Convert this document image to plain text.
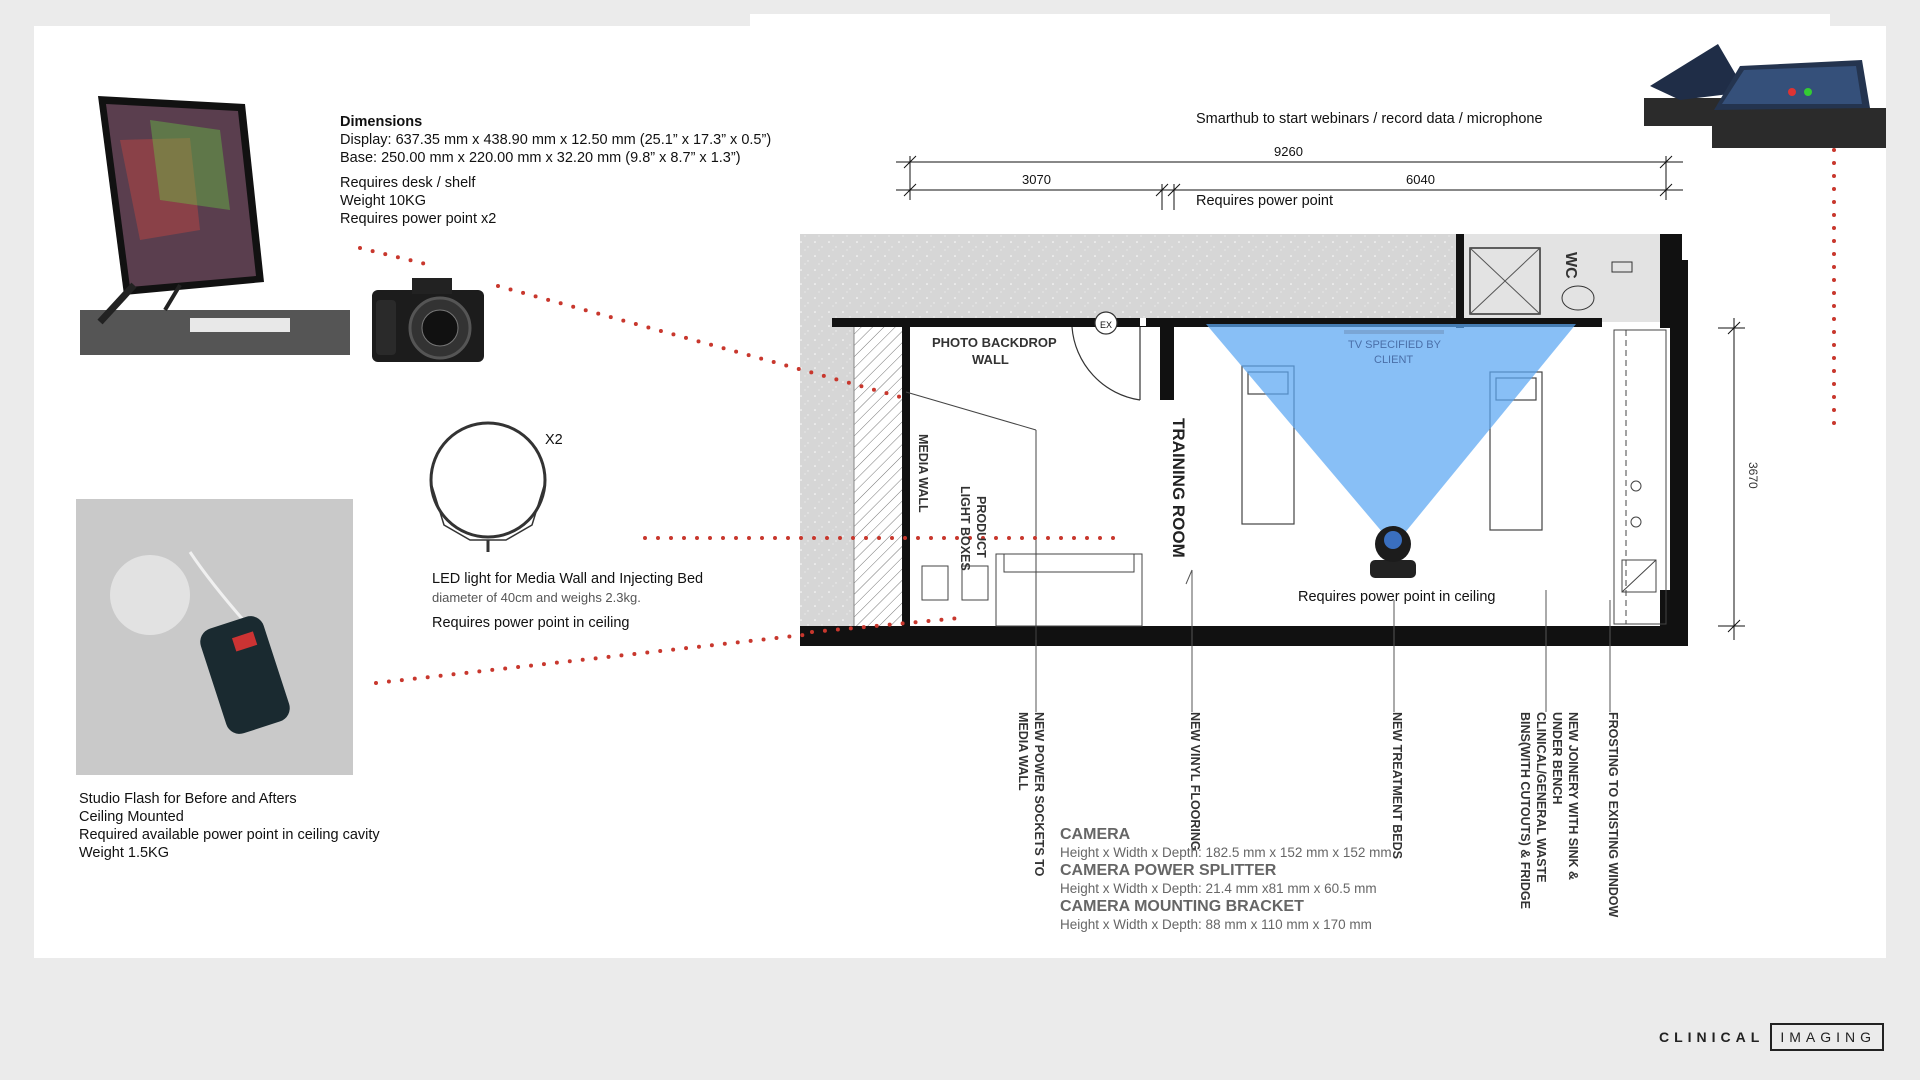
Dimensions
Display: 637.35 mm x 438.90 mm x 12.50 mm (25.1” x 17.3” x 0.5”)
Base: 250.00 mm x 220.00 mm x 32.20 mm (9.8” x 8.7” x 1.3”)
Requires desk / shelf
Weight 10KG
Requires power point x2
Smarthub to start webinars / record data / microphone
9260
3070	6040
Requires power point
3670
X2
LED light for Media Wall and Injecting Bed
diameter of 40cm and weighs 2.3kg.
Requires power point in ceiling
Studio Flash for Before and Afters
Ceiling Mounted
Required available power point in ceiling cavity
Weight 1.5KG
PHOTO BACKDROP
WALL
EX
WC
TV SPECIFIED BY
CLIENT
MEDIA WALL
PRODUCT
LIGHT BOXES	TRAINING ROOM
Requires power point in ceiling
NEW POWER SOCKETS TO
MEDIA WALL	NEW VINYL FLOORING	NEW TREATMENT BEDS	NEW JOINERY WITH SINK &
UNDER BENCH
CLINICAL/GENERAL WASTE
BINS(WITH CUTOUTS) & FRIDGE	FROSTING TO EXISTING WINDOW
CAMERA
Height x Width x Depth: 182.5 mm x 152 mm x 152 mm
CAMERA POWER SPLITTER
Height x Width x Depth: 21.4 mm x81 mm x 60.5 mm
CAMERA MOUNTING BRACKET
Height x Width x Depth: 88 mm x 110 mm x 170 mm
CLINICAL	IMAGING
